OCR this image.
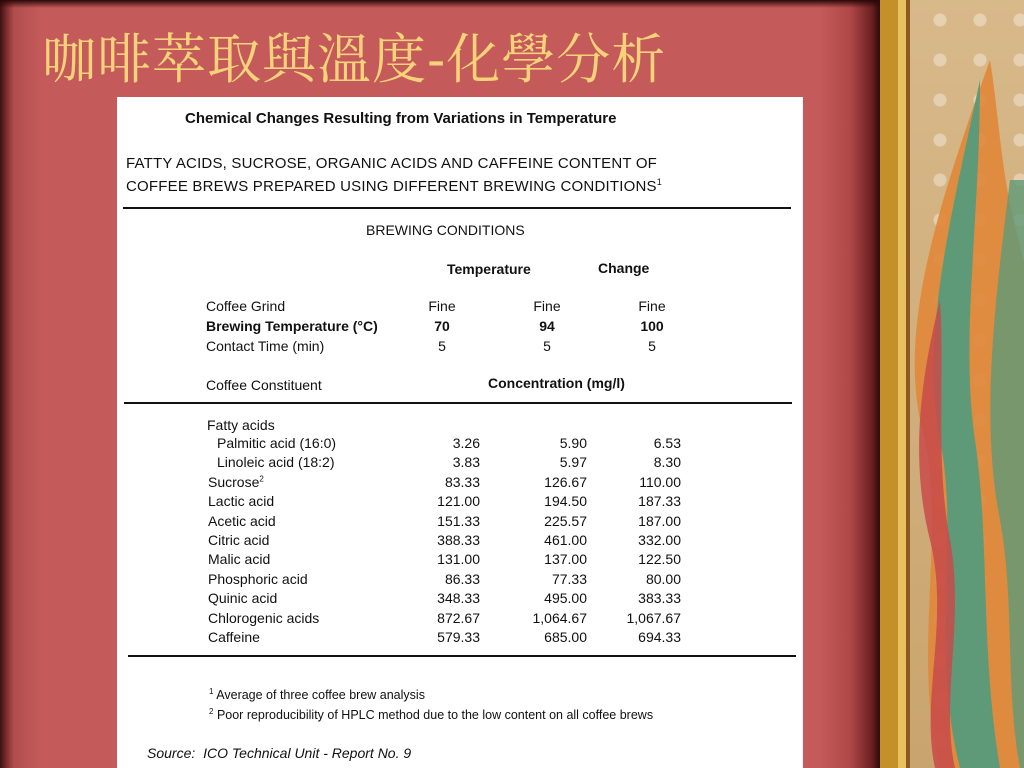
咖啡萃取與溫度-化學分析
Chemical Changes Resulting from Variations in Temperature
FATTY ACIDS, SUCROSE, ORGANIC ACIDS AND CAFFEINE CONTENT OF
COFFEE BREWS PREPARED USING DIFFERENT BREWING CONDITIONS$^1$
BREWING CONDITIONS
Temperature	Change
Coffee Grind	Fine	Fine	Fine
Brewing Temperature (°C)	70	94	100
Contact Time (min)	5	5	5
Coffee Constituent	Concentration (mg/l)
Fatty acids
Palmitic acid (16:0)	3.26	5.90	6.53
Linoleic acid (18:2)	3.83	5.97	8.30
Sucrose$^2$	83.33	126.67	110.00
Lactic acid	121.00	194.50	187.33
Acetic acid	151.33	225.57	187.00
Citric acid	388.33	461.00	332.00
Malic acid	131.00	137.00	122.50
Phosphoric acid	86.33	77.33	80.00
Quinic acid	348.33	495.00	383.33
Chlorogenic acids	872.67	1,064.67	1,067.67
Caffeine	579.33	685.00	694.33
$^1$ Average of three coffee brew analysis
$^2$ Poor reproducibility of HPLC method due to the low content on all coffee brews
Source: ICO Technical Unit - Report No. 9
